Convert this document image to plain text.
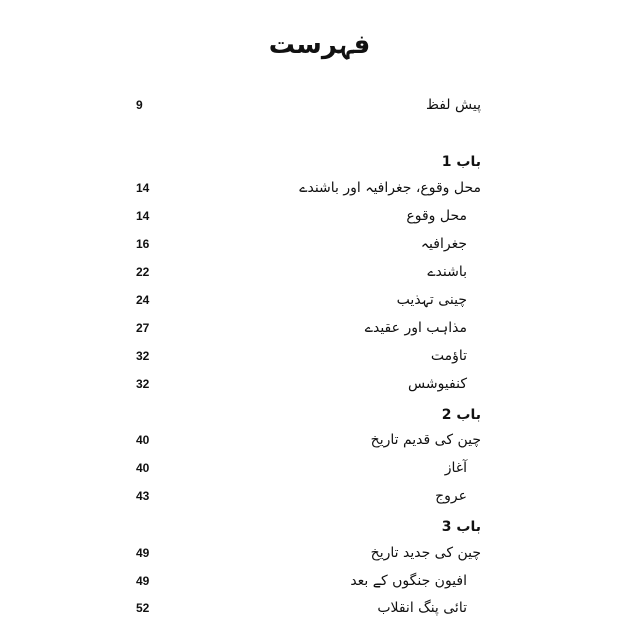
فہرست
پیش لفظ
9
باب 1
محل وقوع، جغرافیہ اور باشندے
14
محل وقوع
14
جغرافیہ
16
باشندے
22
چینی تہذیب
24
مذاہب اور عقیدے
27
تاؤمت
32
کنفیوشس
32
باب 2
چین کی قدیم تاریخ
40
آغاز
40
عروج
43
باب 3
چین کی جدید تاریخ
49
افیون جنگوں کے بعد
49
تائی پنگ انقلاب
52
